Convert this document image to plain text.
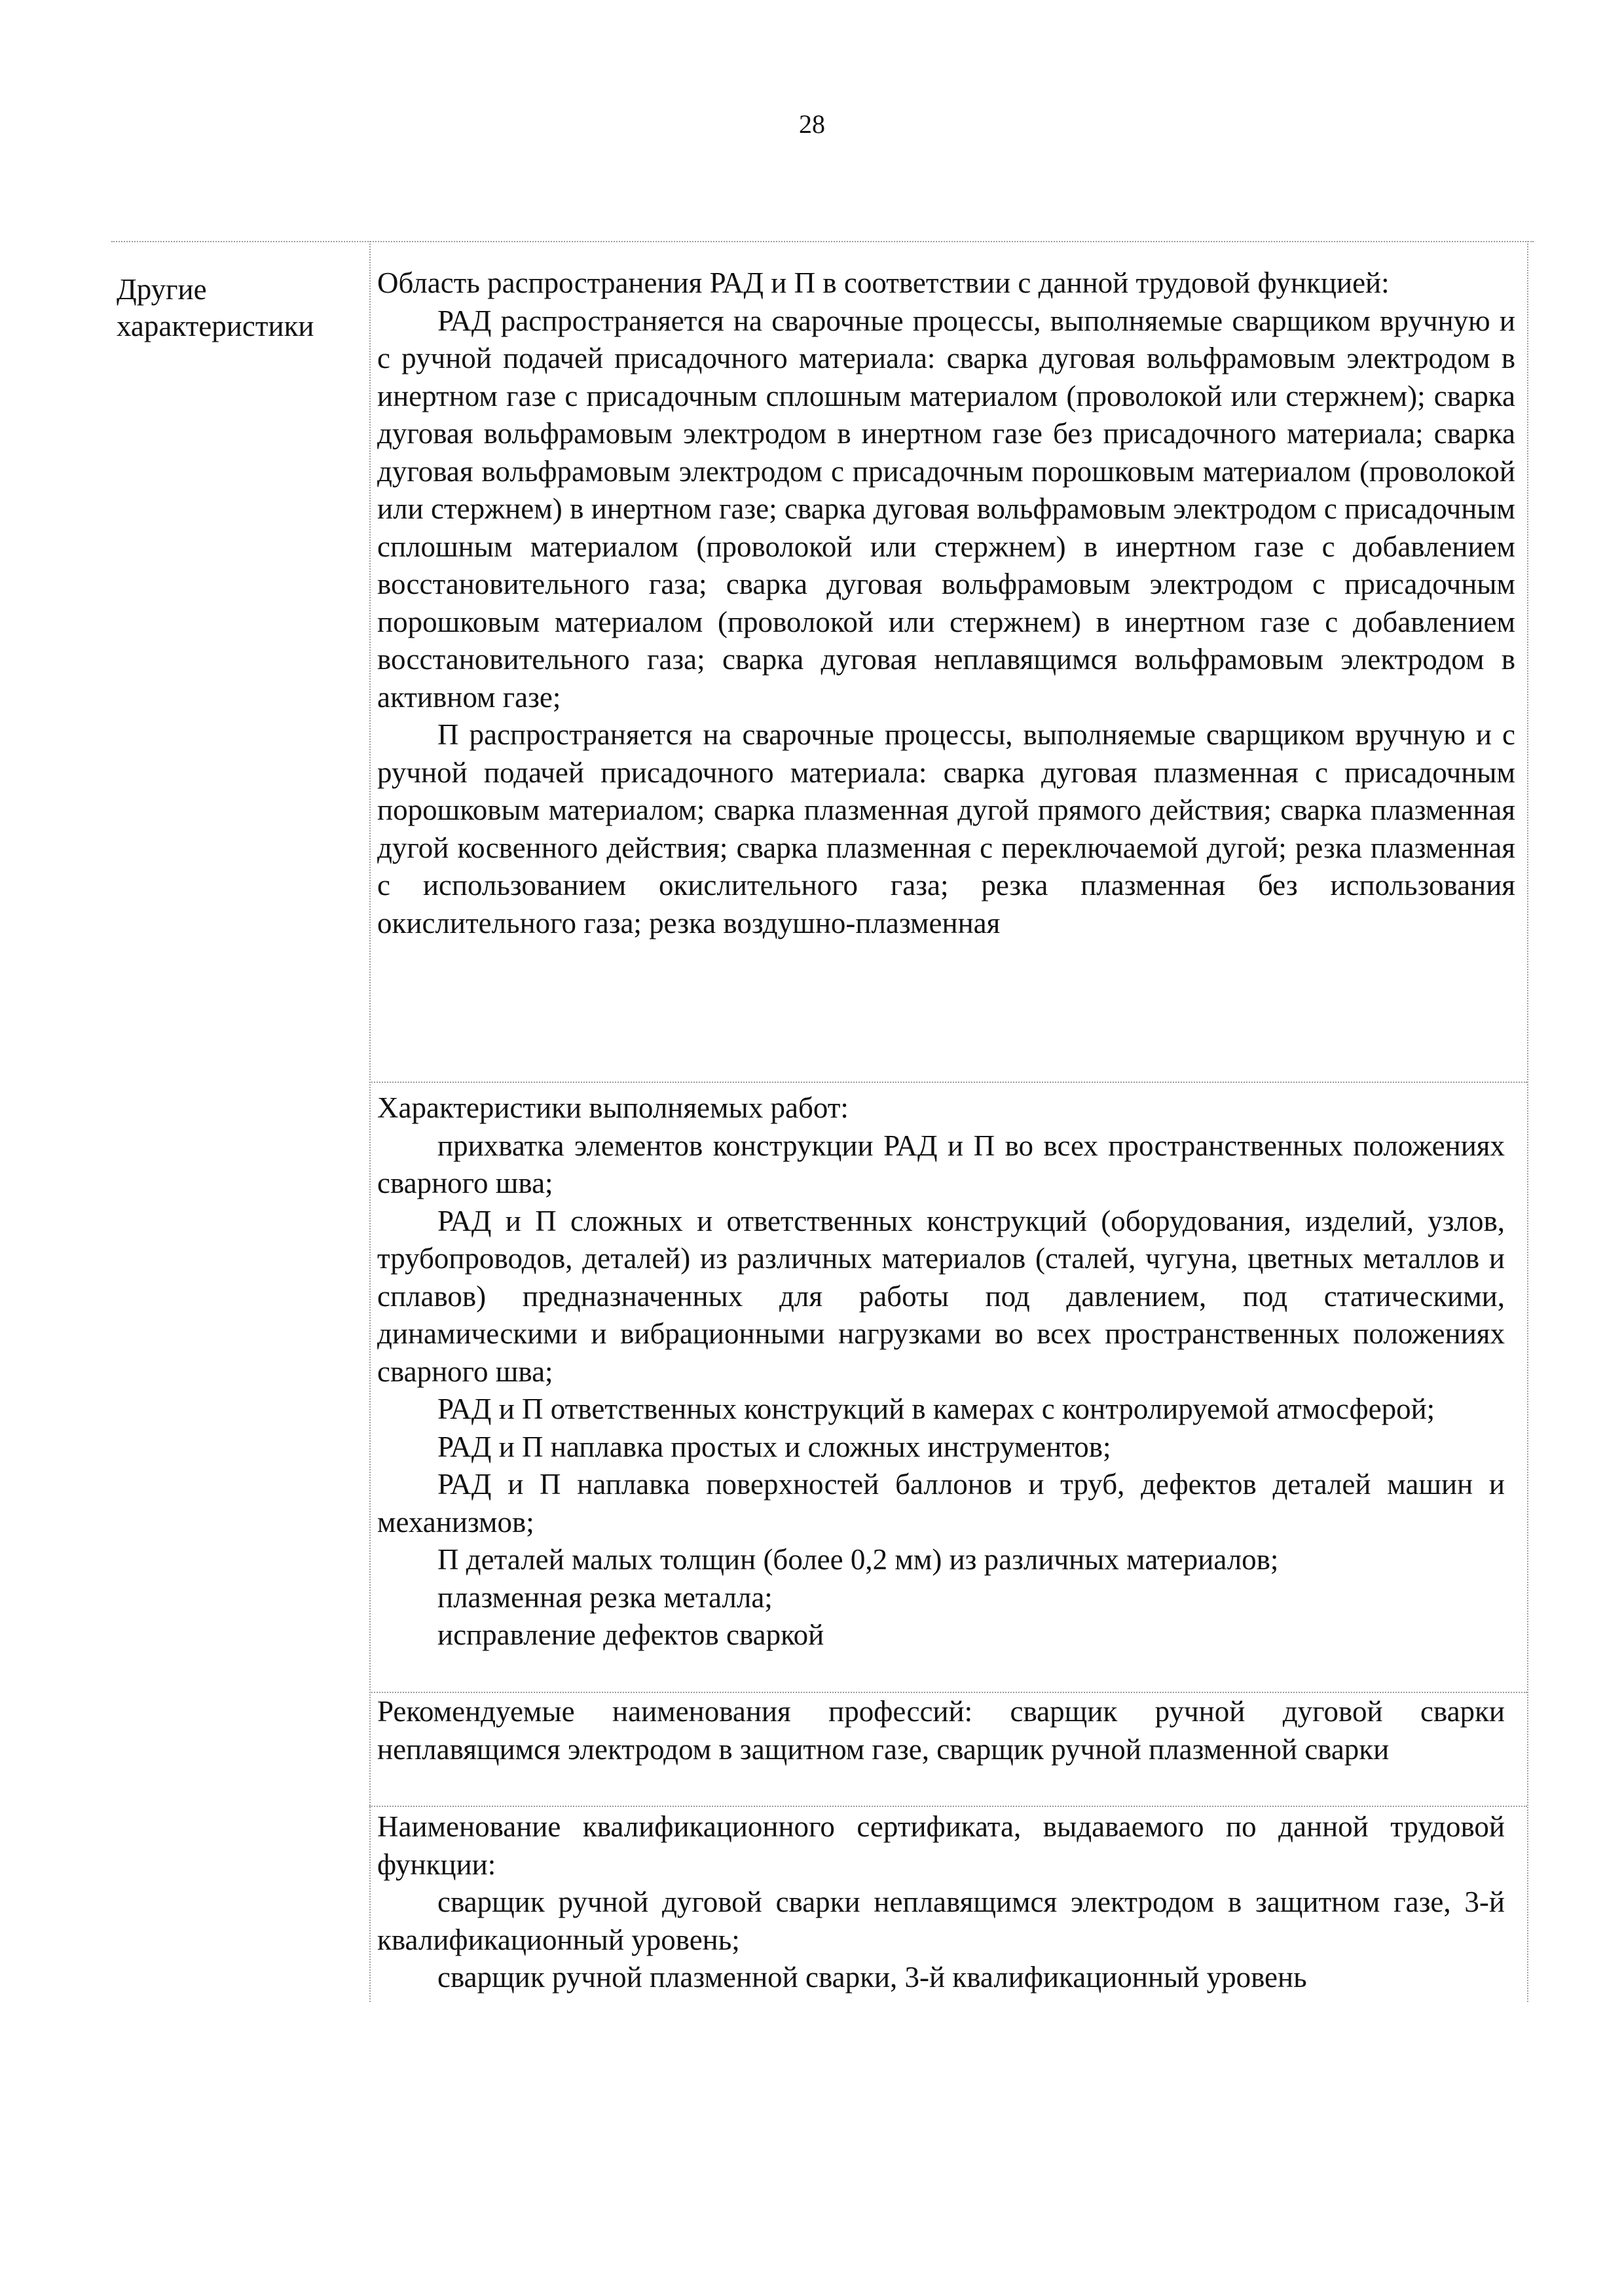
28
Другие
характеристики

Область распространения РАД и П в соответствии с данной трудовой функцией:

РАД распространяется на сварочные процессы, выполняемые сварщиком вручную и с ручной подачей присадочного материала: сварка дуговая вольфрамовым электродом в инертном газе с присадочным сплошным материалом (проволокой или стержнем); сварка дуговая вольфрамовым электродом в инертном газе без присадочного материала; сварка дуговая вольфрамовым электродом с присадочным порошковым материалом (проволокой или стержнем) в инертном газе; сварка дуговая вольфрамовым электродом с присадочным сплошным материалом (проволокой или стержнем) в инертном газе с добавлением восстановительного газа; сварка дуговая вольфрамовым электродом с присадочным порошковым материалом (проволокой или стержнем) в инертном газе с добавлением восстановительного газа; сварка дуговая неплавящимся вольфрамовым электродом в активном газе;

П распространяется на сварочные процессы, выполняемые сварщиком вручную и с ручной подачей присадочного материала: сварка дуговая плазменная с присадочным порошковым материалом; сварка плазменная дугой прямого действия; сварка плазменная дугой косвенного действия; сварка плазменная с переключаемой дугой; резка плазменная с использованием окислительного газа; резка плазменная без использования окислительного газа; резка воздушно-плазменная

Характеристики выполняемых работ:

прихватка элементов конструкции РАД и П во всех пространственных положениях сварного шва;

РАД и П сложных и ответственных конструкций (оборудования, изделий, узлов, трубопроводов, деталей) из различных материалов (сталей, чугуна, цветных металлов и сплавов) предназначенных для работы под давлением, под статическими, динамическими и вибрационными нагрузками во всех пространственных положениях сварного шва;

РАД и П ответственных конструкций в камерах с контролируемой атмосферой;

РАД и П наплавка простых и сложных инструментов;

РАД и П наплавка поверхностей баллонов и труб, дефектов деталей машин и механизмов;

П деталей малых толщин (более 0,2 мм) из различных материалов;

плазменная резка металла;

исправление дефектов сваркой

Рекомендуемые наименования профессий: сварщик ручной дуговой сварки неплавящимся электродом в защитном газе, сварщик ручной плазменной сварки

Наименование квалификационного сертификата, выдаваемого по данной трудовой функции:

сварщик ручной дуговой сварки неплавящимся электродом в защитном газе, 3-й квалификационный уровень;

сварщик ручной плазменной сварки, 3-й квалификационный уровень
